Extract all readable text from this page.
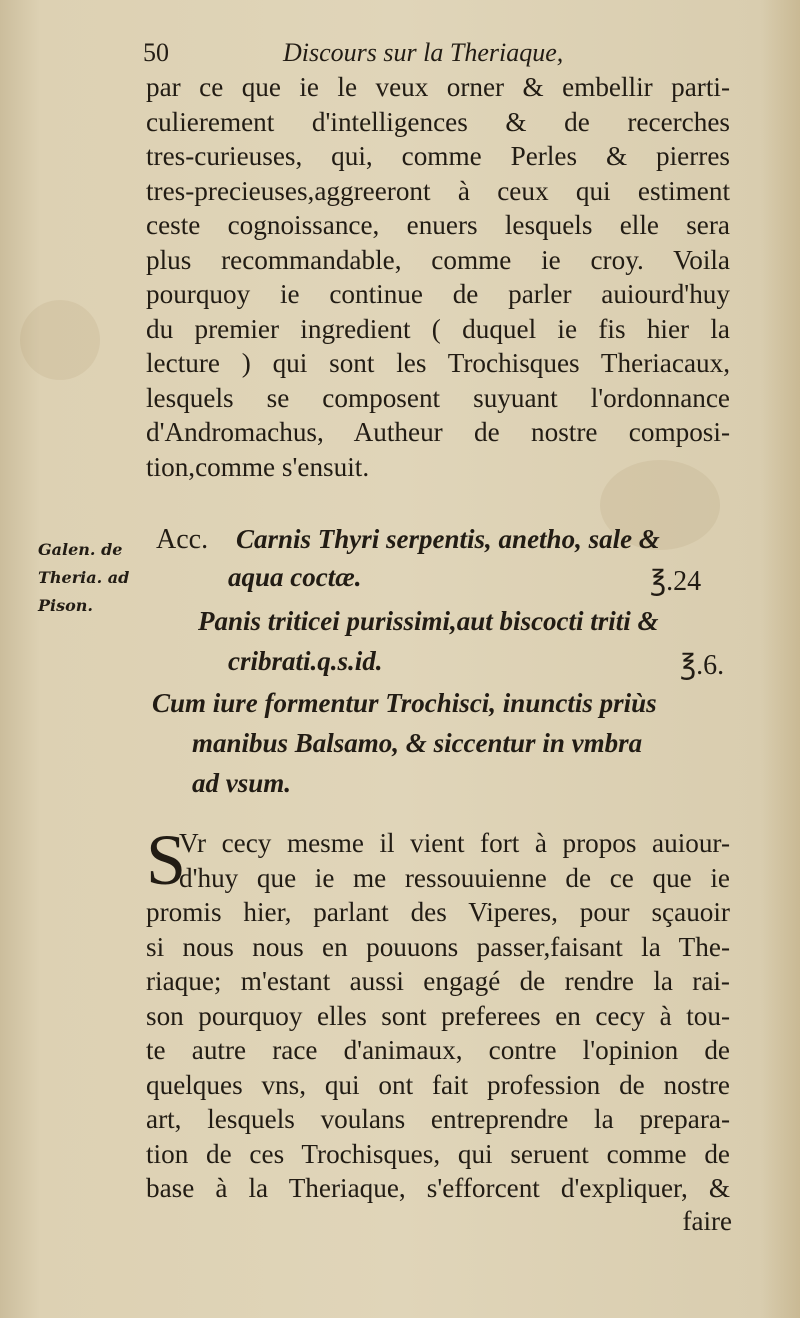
50	Discours sur la Theriaque,
par ce que ie le veux orner & embellir parti-
culierement d'intelligences & de recerches
tres-curieuses, qui, comme Perles & pierres
tres-precieuses,aggreeront à ceux qui estiment
ceste cognoissance, enuers lesquels elle sera
plus recommandable, comme ie croy. Voila
pourquoy ie continue de parler auiourd'huy
du premier ingredient ( duquel ie fis hier la
lecture ) qui sont les Trochisques Theriacaux,
lesquels se composent suyuant l'ordonnance
d'Andromachus, Autheur de nostre composi-
tion,comme s'ensuit.
Galen. de
Theria. ad
Pison.
Acc. Carnis Thyri serpentis, anetho, sale &
aqua coctæ.	℥.24
Panis triticei purissimi,aut biscocti triti &
cribrati.q.s.id.	℥.6.
Cum iure formentur Trochisci, inunctis priùs
manibus Balsamo, & siccentur in vmbra
ad vsum.
S
Vr cecy mesme il vient fort à propos auiour-
d'huy que ie me ressouuienne de ce que ie
promis hier, parlant des Viperes, pour sçauoir
si nous nous en pouuons passer,faisant la The-
riaque; m'estant aussi engagé de rendre la rai-
son pourquoy elles sont preferees en cecy à tou-
te autre race d'animaux, contre l'opinion de
quelques vns, qui ont fait profession de nostre
art, lesquels voulans entreprendre la prepara-
tion de ces Trochisques, qui seruent comme de
base à la Theriaque, s'efforcent d'expliquer, &
faire
